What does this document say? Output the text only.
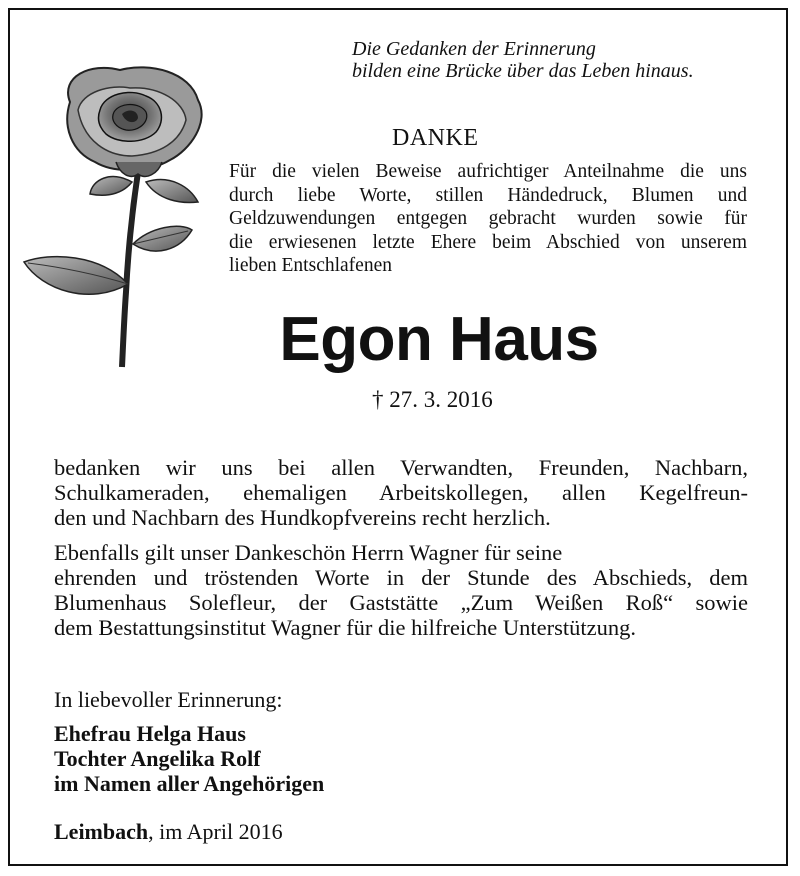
Die Gedanken der Erinnerung
bilden eine Brücke über das Leben hinaus.
DANKE
Für die vielen Beweise aufrichtiger Anteilnahme die uns
durch liebe Worte, stillen Händedruck, Blumen und
Geldzuwendungen entgegen gebracht wurden sowie für
die erwiesenen letzte Ehere beim Abschied von unserem
lieben Entschlafenen
Egon Haus
† 27. 3. 2016
bedanken wir uns bei allen Verwandten, Freunden, Nachbarn,
Schulkameraden, ehemaligen Arbeitskollegen, allen Kegelfreun-
den und Nachbarn des Hundkopfvereins recht herzlich.
Ebenfalls gilt unser Dankeschön Herrn Wagner für seine
ehrenden und tröstenden Worte in der Stunde des Abschieds, dem
Blumenhaus Solefleur, der Gaststätte „Zum Weißen Roß“ sowie
dem Bestattungsinstitut Wagner für die hilfreiche Unterstützung.
In liebevoller Erinnerung:
Ehefrau Helga Haus
Tochter Angelika Rolf
im Namen aller Angehörigen
Leimbach, im April 2016
